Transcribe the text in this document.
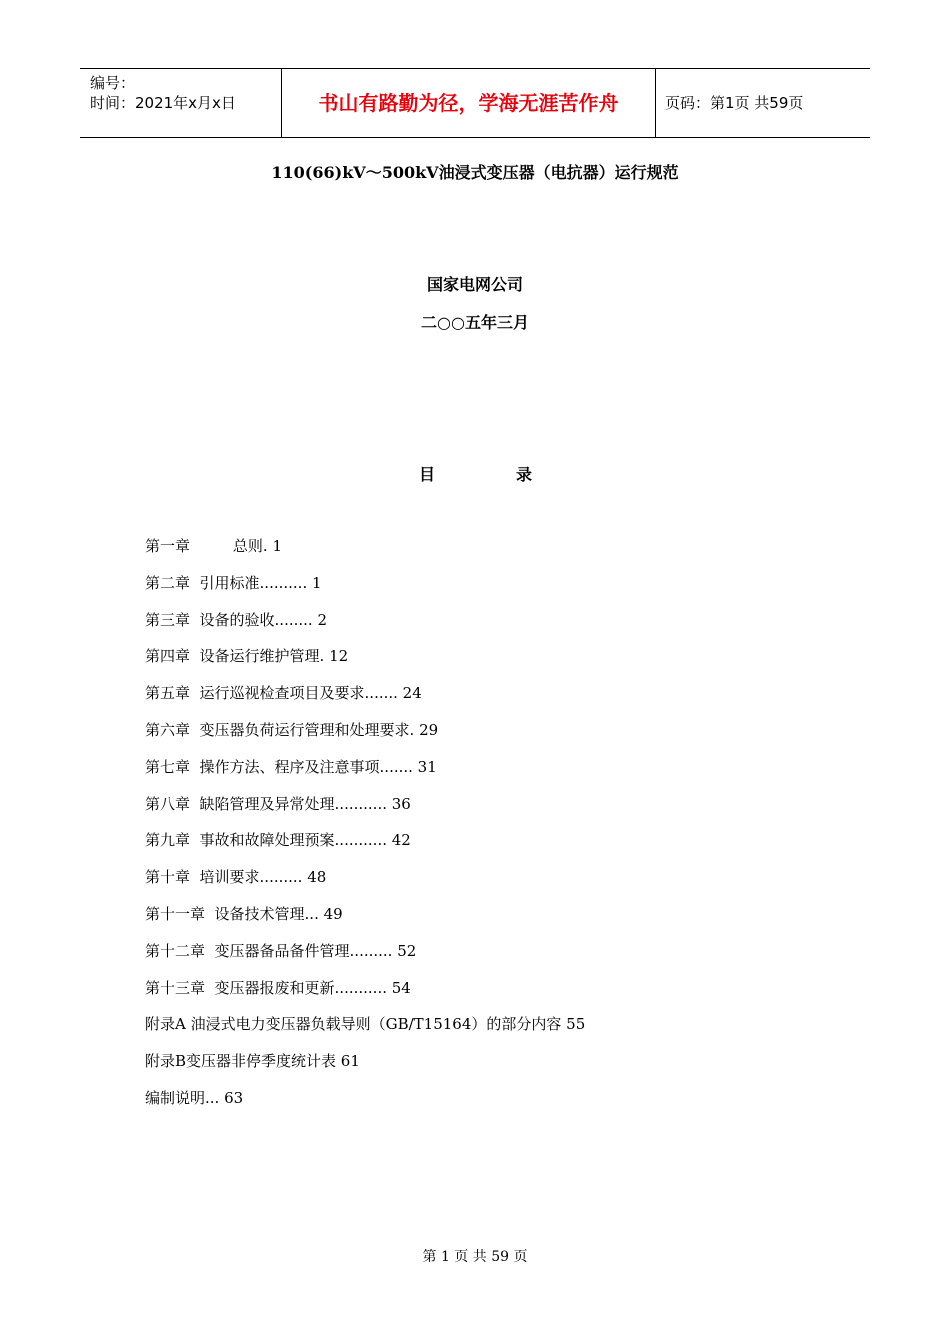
编号：
时间：2021年x月x日	书山有路勤为径，学海无涯苦作舟	页码：第1页 共59页
110(66)kV～500kV油浸式变压器（电抗器）运行规范
国家电网公司
二○○五年三月
目	录
第一章         总则. 1
第二章  引用标准.......... 1
第三章  设备的验收........ 2
第四章  设备运行维护管理. 12
第五章  运行巡视检查项目及要求....... 24
第六章  变压器负荷运行管理和处理要求. 29
第七章  操作方法、程序及注意事项....... 31
第八章  缺陷管理及异常处理........... 36
第九章  事故和故障处理预案........... 42
第十章  培训要求......... 48
第十一章  设备技术管理... 49
第十二章  变压器备品备件管理......... 52
第十三章  变压器报废和更新........... 54
附录A 油浸式电力变压器负载导则（GB/T15164）的部分内容 55
附录B变压器非停季度统计表 61
编制说明... 63
第 1 页 共 59 页
